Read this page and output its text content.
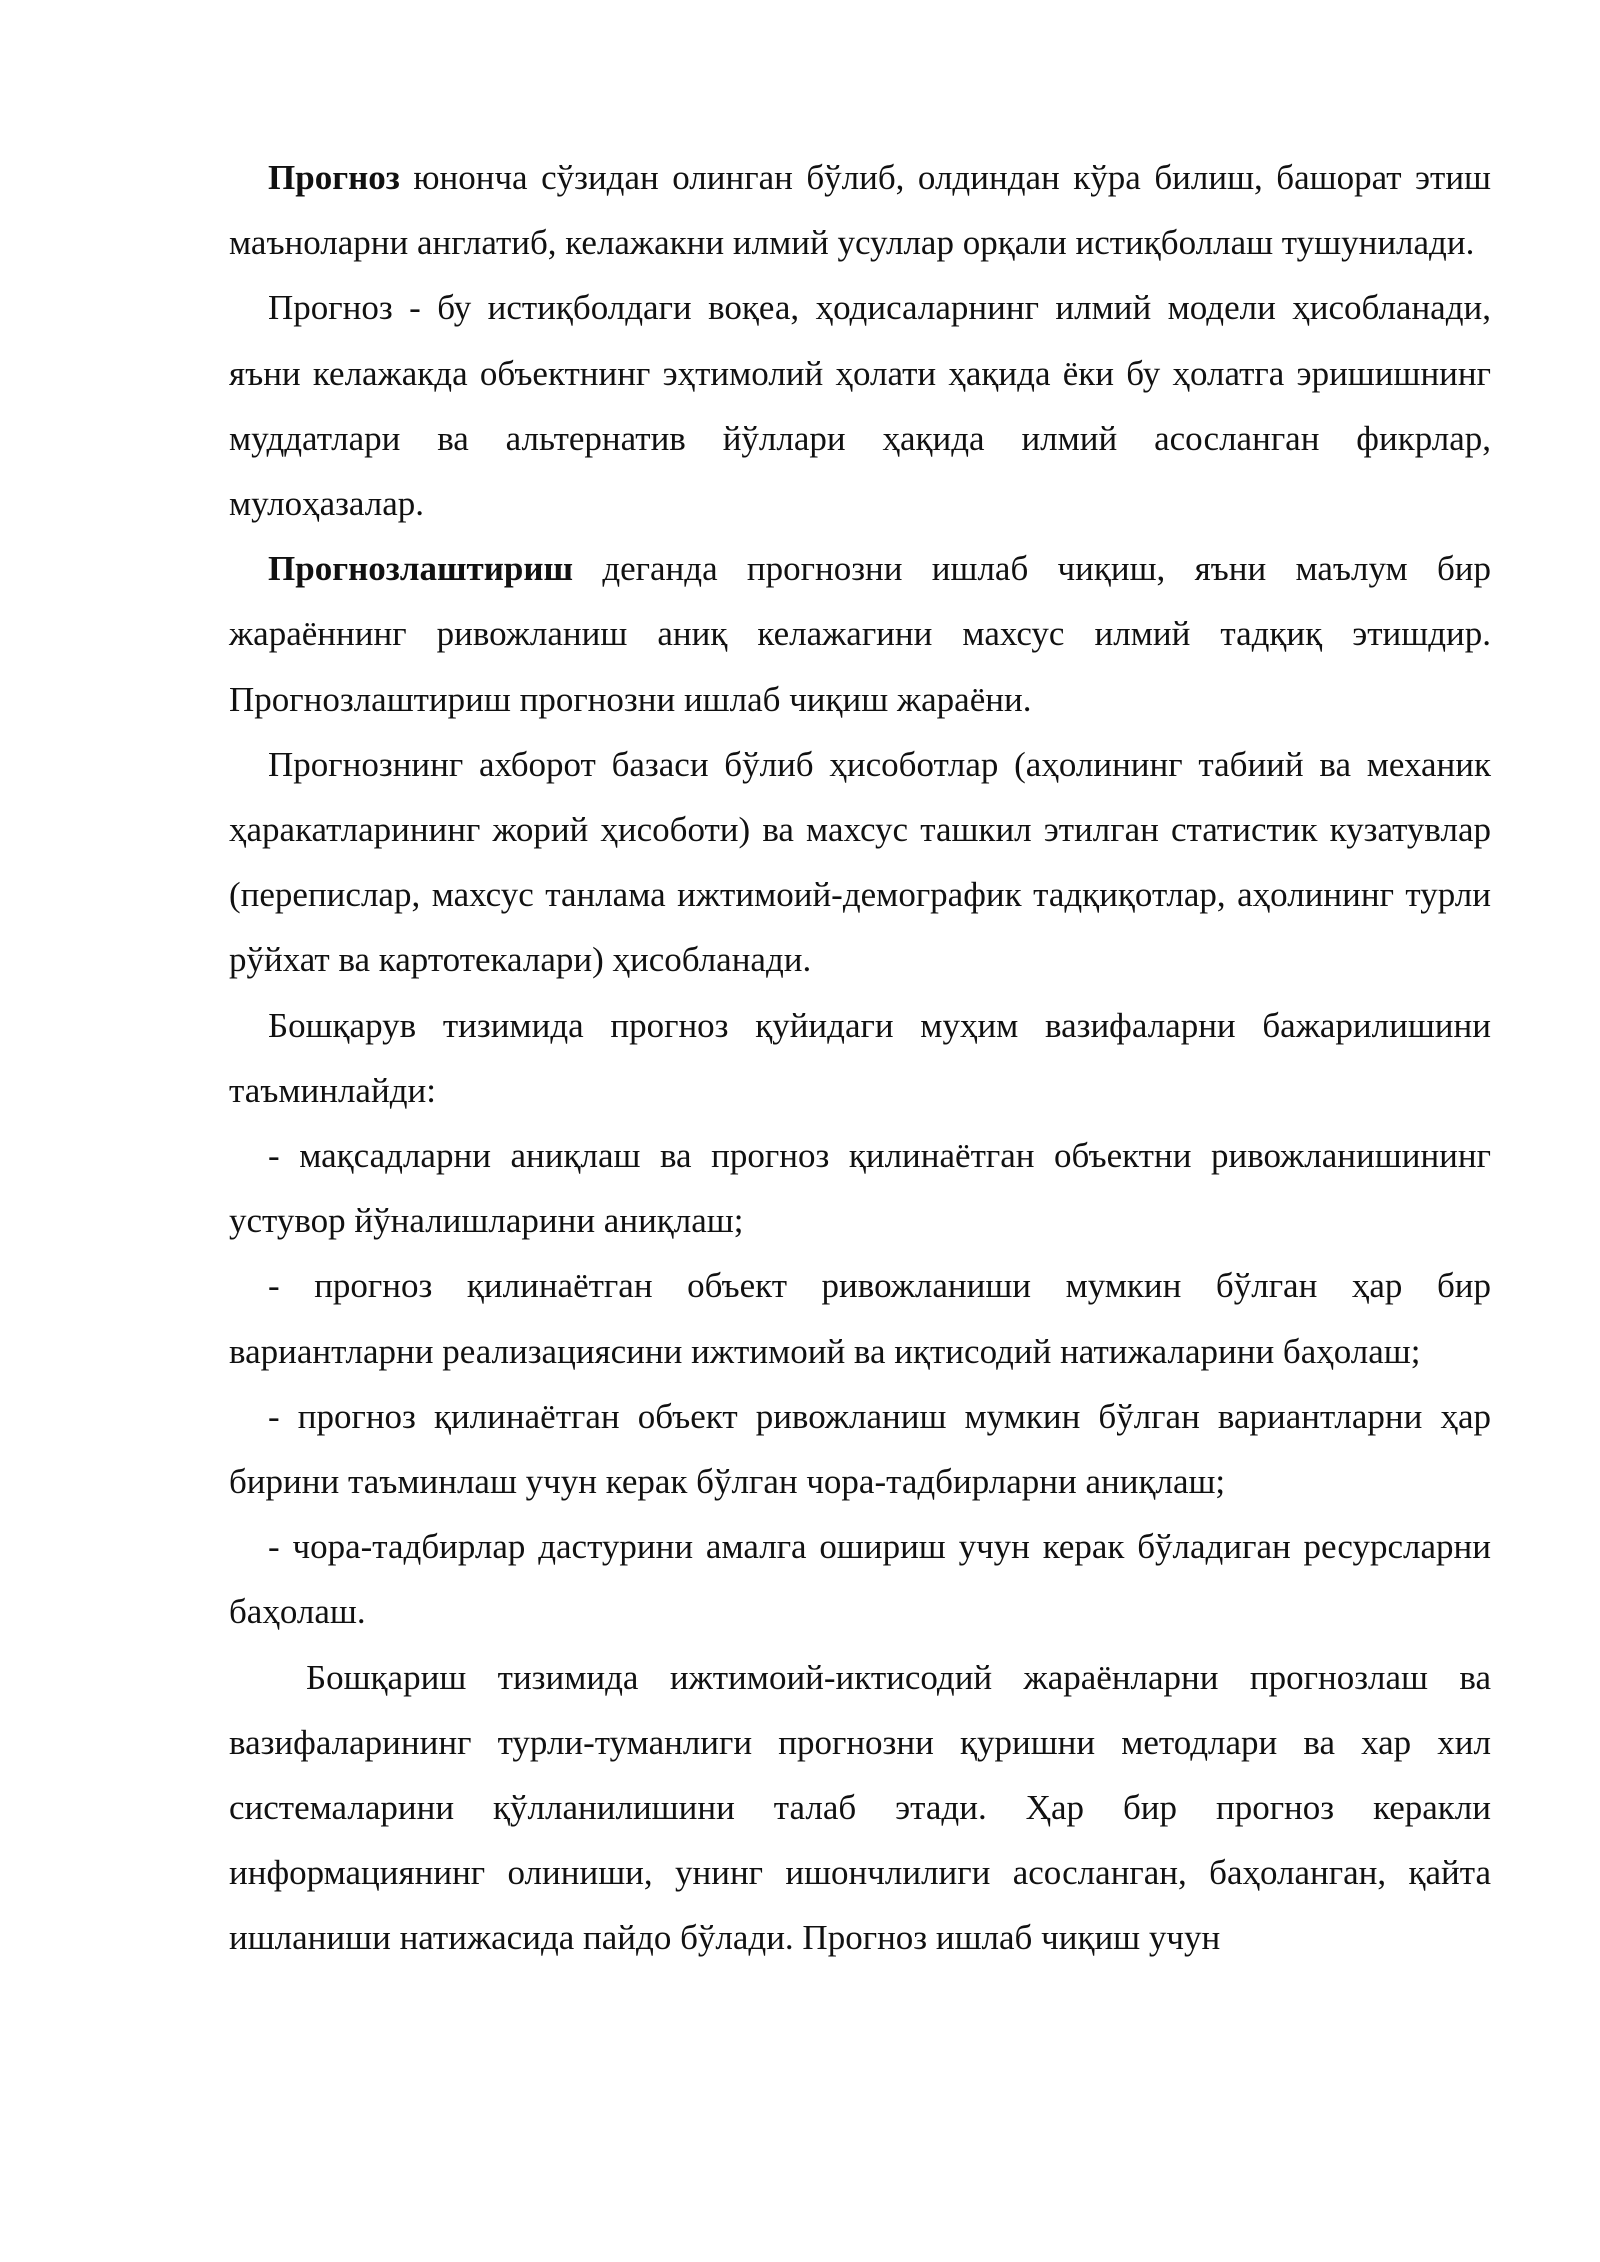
Прогноз юнонча сўзидан олинган бўлиб, олдиндан кўра билиш, башорат этиш маъноларни англатиб, келажакни илмий усуллар орқали истиқболлаш тушунилади.

Прогноз - бу истиқболдаги воқеа, ҳодисаларнинг илмий модели ҳисобланади, яъни келажакда объектнинг эҳтимолий ҳолати ҳақида ёки бу ҳолатга эришишнинг муддатлари ва альтернатив йўллари ҳақида илмий асосланган фикрлар, мулоҳазалар.

Прогнозлаштириш деганда прогнозни ишлаб чиқиш, яъни маълум бир жараённинг ривожланиш аниқ келажагини махсус илмий тадқиқ этишдир. Прогнозлаштириш прогнозни ишлаб чиқиш жараёни.

Прогнознинг ахборот базаси бўлиб ҳисоботлар (аҳолининг табиий ва механик ҳаракатларининг жорий ҳисоботи) ва махсус ташкил этилган статистик кузатувлар (перепислар, махсус танлама ижтимоий-демографик тадқиқотлар, аҳолининг турли рўйхат ва картотекалари) ҳисобланади.

Бошқарув тизимида прогноз қуйидаги муҳим вазифаларни бажарилишини таъминлайди:

- мақсадларни аниқлаш ва прогноз қилинаётган объектни ривожланишининг устувор йўналишларини аниқлаш;

- прогноз қилинаётган объект ривожланиши мумкин бўлган ҳар бир вариантларни реализациясини ижтимоий ва иқтисодий натижаларини баҳолаш;

- прогноз қилинаётган объект ривожланиш мумкин бўлган вариантларни ҳар бирини таъминлаш учун керак бўлган чора-тадбирларни аниқлаш;

- чора-тадбирлар дастурини амалга ошириш учун керак бўладиган ресурсларни баҳолаш.

Бошқариш тизимида ижтимоий-иктисодий жараёнларни прогнозлаш ва вазифаларининг турли-туманлиги прогнозни қуришни методлари ва хар хил системаларини қўлланилишини талаб этади. Ҳар бир прогноз керакли информациянинг олиниши, унинг ишончлилиги асосланган, баҳоланган, қайта ишланиши натижасида пайдо бўлади. Прогноз ишлаб чиқиш учун
